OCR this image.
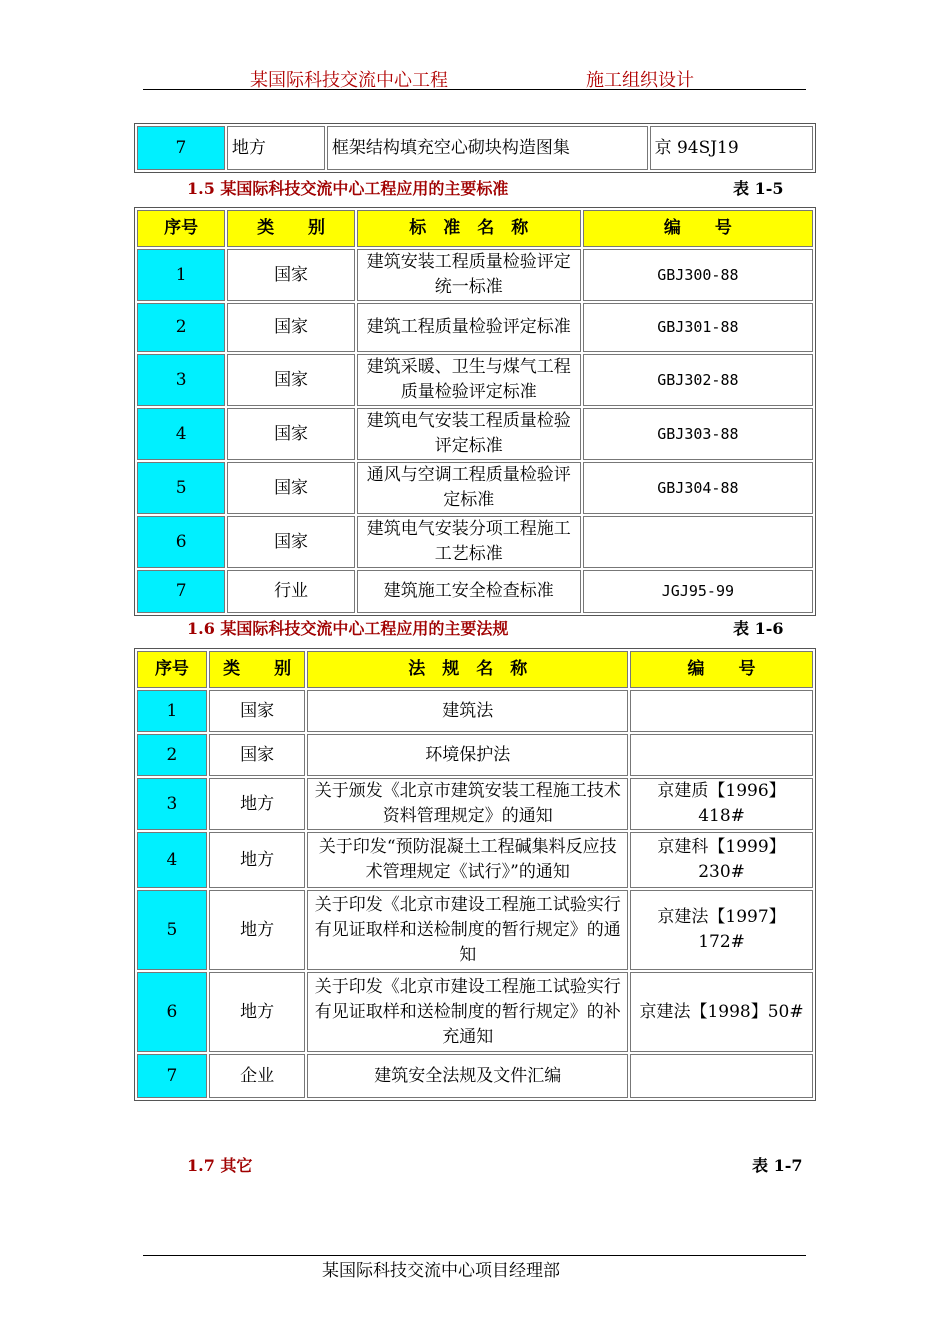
某国际科技交流中心工程	施工组织设计
7	地方	框架结构填充空心砌块构造图集	京 94SJ19
1.5 某国际科技交流中心工程应用的主要标准	表 1-5
序号	类　　别	标　准　名　称	编　　号
1	国家	建筑安装工程质量检验评定统一标准	GBJ300-88
2	国家	建筑工程质量检验评定标准	GBJ301-88
3	国家	建筑采暖、卫生与煤气工程质量检验评定标准	GBJ302-88
4	国家	建筑电气安装工程质量检验评定标准	GBJ303-88
5	国家	通风与空调工程质量检验评定标准	GBJ304-88
6	国家	建筑电气安装分项工程施工工艺标准	
7	行业	建筑施工安全检查标准	JGJ95-99
1.6 某国际科技交流中心工程应用的主要法规	表 1-6
序号	类　　别	法　规　名　称	编　　号
1	国家	建筑法	
2	国家	环境保护法	
3	地方	关于颁发《北京市建筑安装工程施工技术资料管理规定》的通知	京建质【1996】418#
4	地方	关于印发“预防混凝土工程碱集料反应技术管理规定《试行》”的通知	京建科【1999】230#
5	地方	关于印发《北京市建设工程施工试验实行有见证取样和送检制度的暂行规定》的通知	京建法【1997】172#
6	地方	关于印发《北京市建设工程施工试验实行有见证取样和送检制度的暂行规定》的补充通知	京建法【1998】50#
7	企业	建筑安全法规及文件汇编	
1.7 其它	表 1-7
某国际科技交流中心项目经理部
